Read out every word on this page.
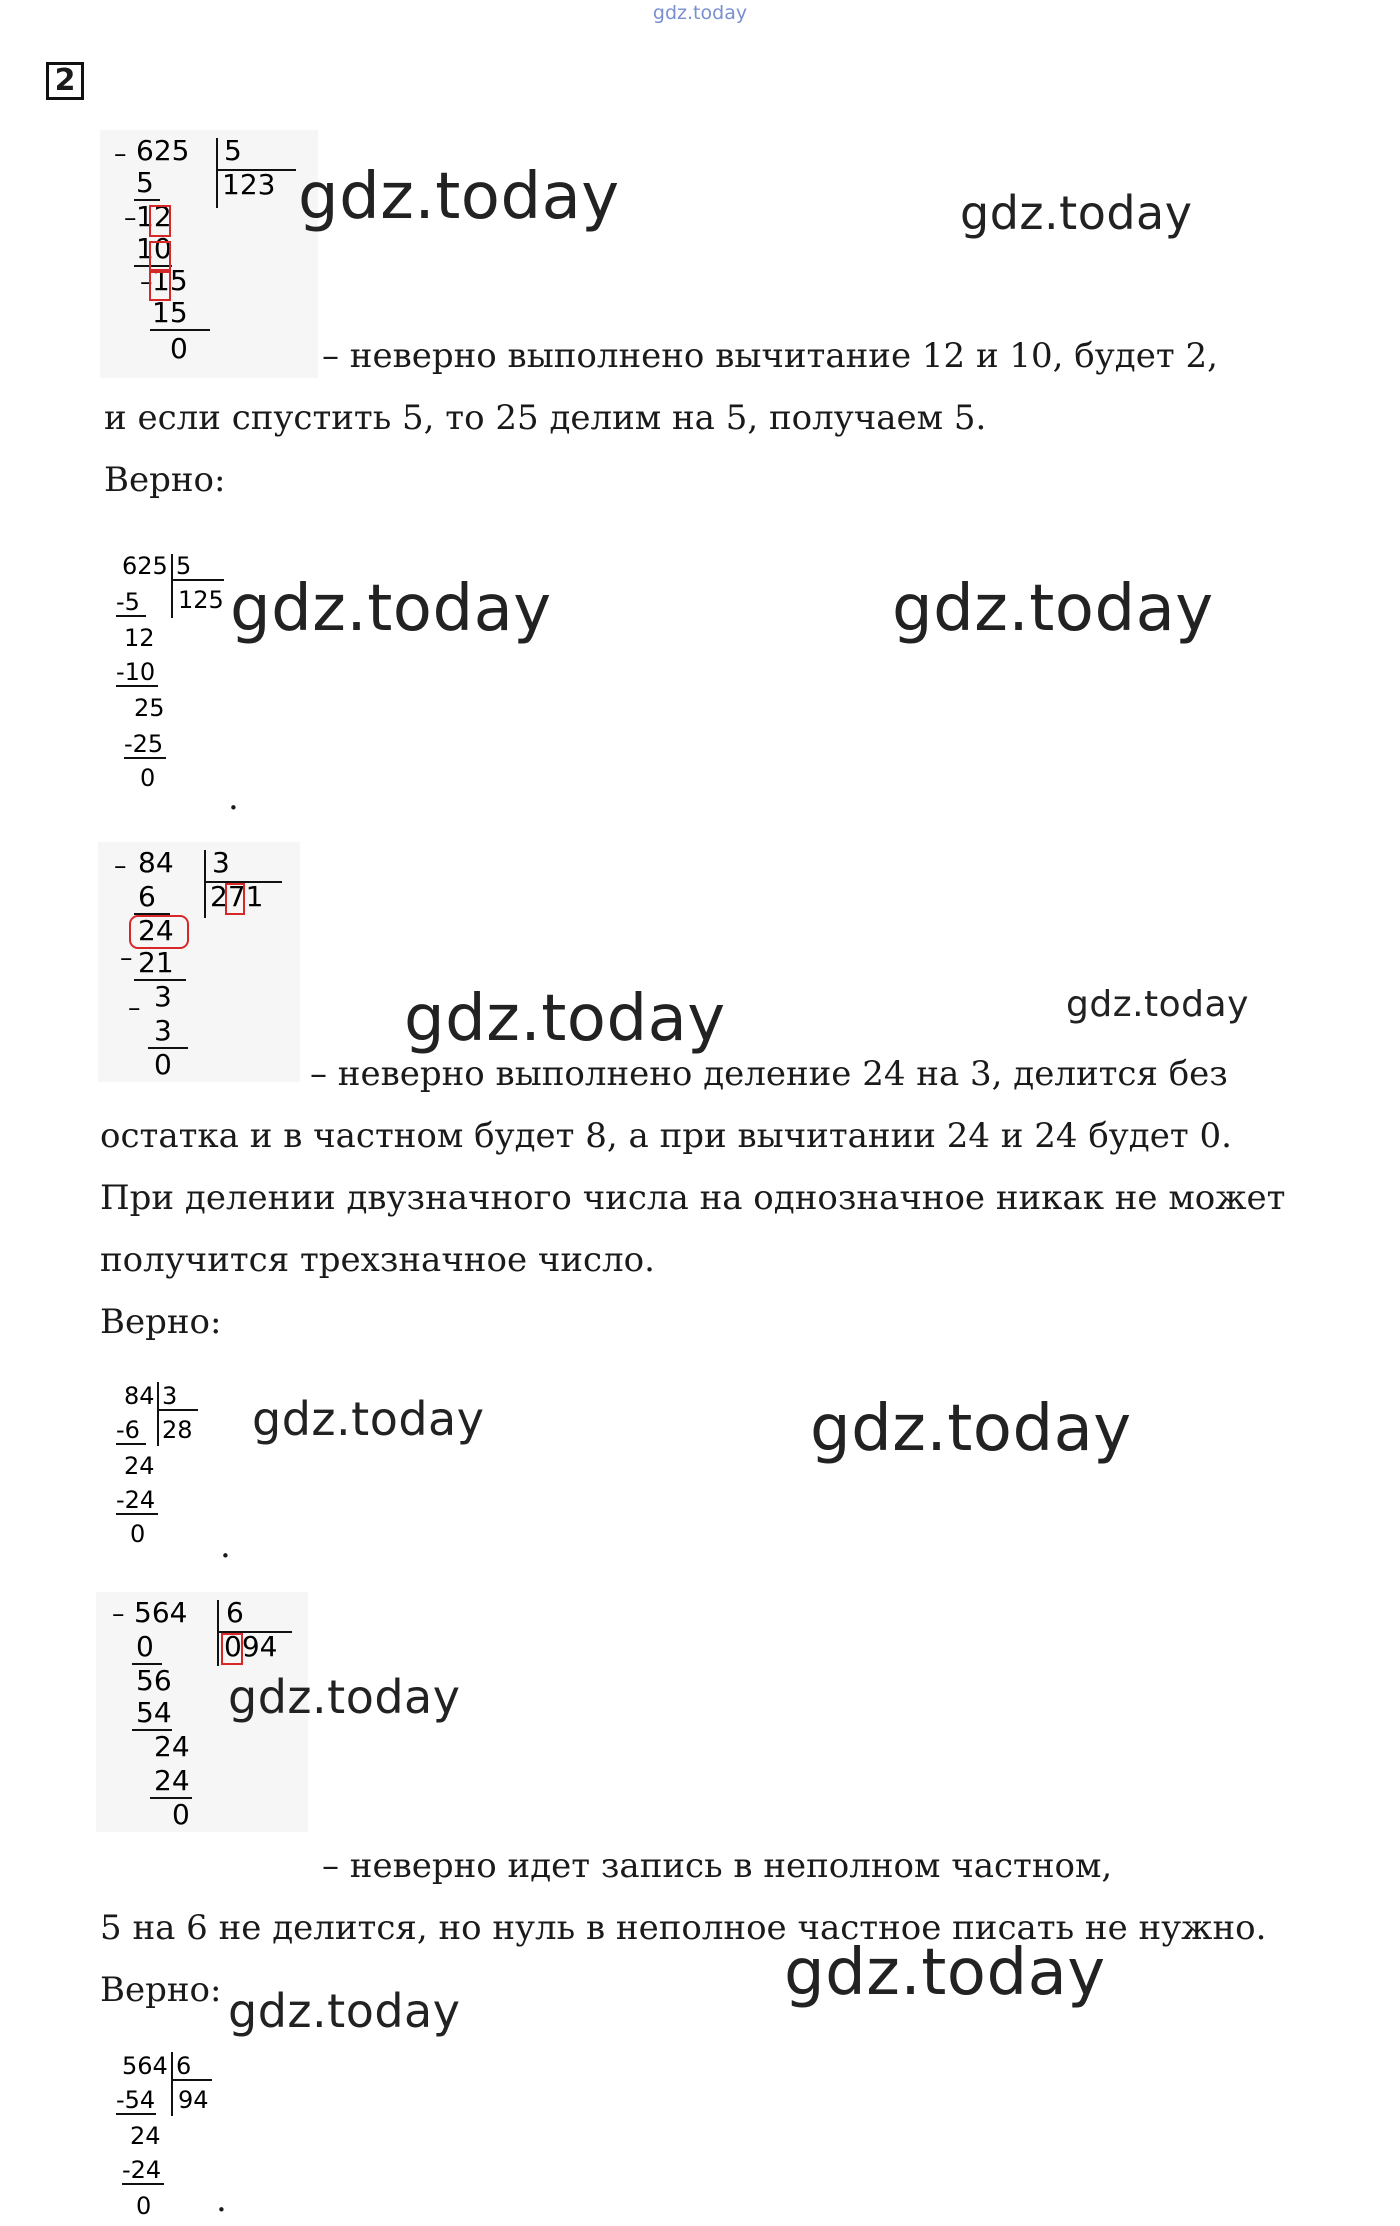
gdz.today
2
– 625 5
123
5
– 12
10
– 15
15
0
gdz.today	gdz.today
– неверно выполнено вычитание 12 и 10, будет 2,
и если спустить 5, то 25 делим на 5, получаем 5.
Верно:
625 5
125
-5
12
-10
25
-25
0
gdz.today	gdz.today
.
– 84 3
271
6
24
– 21
– 3
3
0
gdz.today	gdz.today
– неверно выполнено деление 24 на 3, делится без
остатка и в частном будет 8, а при вычитании 24 и 24 будет 0.
При делении двузначного числа на однозначное никак не может
получится трехзначное число.
Верно:
84 3
28
-6
24
-24
0
gdz.today	gdz.today
.
– 564 6
094
0
56
54
24
24
0
gdz.today
– неверно идет запись в неполном частном,
5 на 6 не делится, но нуль в неполное частное писать не нужно.
Верно:	gdz.today
gdz.today
564 6
94
-54
24
-24
0 .
